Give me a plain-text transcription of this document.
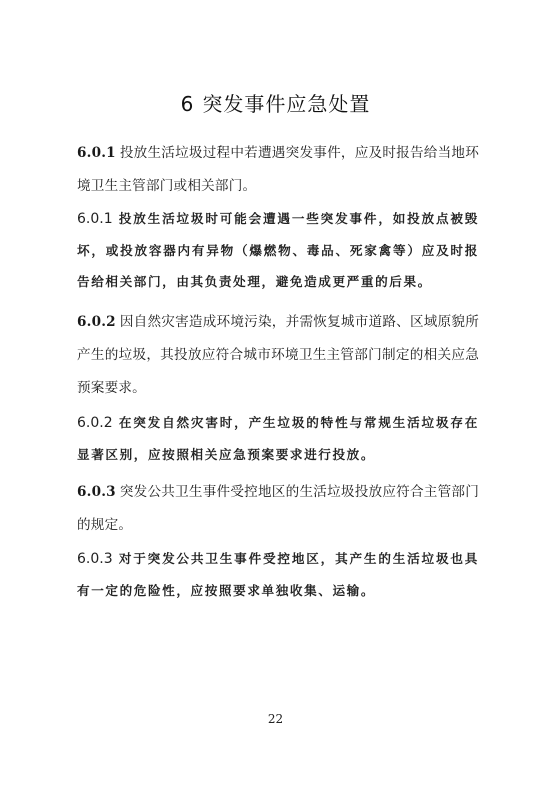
6 突发事件应急处置
6.0.1 投放生活垃圾过程中若遭遇突发事件，应及时报告给当地环境卫生主管部门或相关部门。
6.0.1 投放生活垃圾时可能会遭遇一些突发事件，如投放点被毁坏，或投放容器内有异物（爆燃物、毒品、死家禽等）应及时报告给相关部门，由其负责处理，避免造成更严重的后果。
6.0.2 因自然灾害造成环境污染，并需恢复城市道路、区域原貌所产生的垃圾，其投放应符合城市环境卫生主管部门制定的相关应急预案要求。
6.0.2 在突发自然灾害时，产生垃圾的特性与常规生活垃圾存在显著区别，应按照相关应急预案要求进行投放。
6.0.3 突发公共卫生事件受控地区的生活垃圾投放应符合主管部门的规定。
6.0.3 对于突发公共卫生事件受控地区，其产生的生活垃圾也具有一定的危险性，应按照要求单独收集、运输。
22
